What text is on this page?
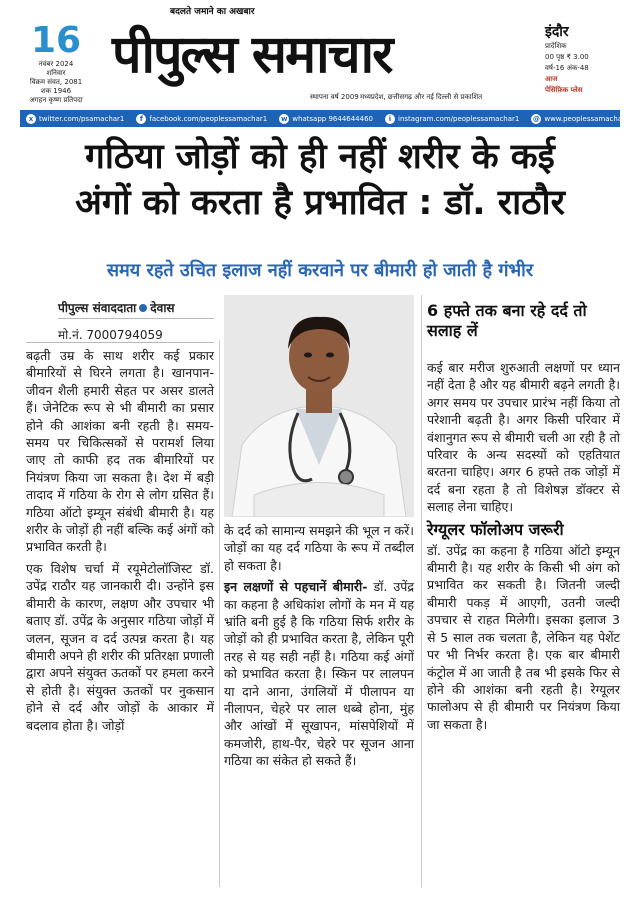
बदलते जमाने का अखबार
16
नवंबर 2024
शनिवार
विक्रम संवत, 2081 शक 1946
अगहन कृष्ण प्रतिपदा
पीपुल्स समाचार
स्थापना वर्ष 2009 मध्यप्रदेश, छत्तीसगढ़ और नई दिल्ली से प्रकाशित
इंदौर
प्रादेशिक
00 पृष्ठ ₹ 3.00
वर्ष-16 अंक-48
आज
पेसिफ़िक प्लेस
x twitter.com/psamachar1	f facebook.com/peoplessamachar1 w whatsapp 9644644460	i instagram.com/peoplessamachar1 @ www.peoplessamachar.in
गठिया जोड़ों को ही नहीं शरीर के कई
अंगों को करता है प्रभावित : डॉ. राठौर
समय रहते उचित इलाज नहीं करवाने पर बीमारी हो जाती है गंभीर
पीपुल्स संवाददाता देवास
मो.नं. 7000794059

बढ़ती उम्र के साथ शरीर कई प्रकार बीमारियों से घिरने लगता है। खानपान-जीवन शैली हमारी सेहत पर असर डालते हैं। जेनेटिक रूप से भी बीमारी का प्रसार होने की आशंका बनी रहती है। समय-समय पर चिकित्सकों से परामर्श लिया जाए तो काफी हद तक बीमारियों पर नियंत्रण किया जा सकता है। देश में बड़ी तादाद में गठिया के रोग से लोग ग्रसित हैं। गठिया ऑटो इम्यून संबंधी बीमारी है। यह शरीर के जोड़ों ही नहीं बल्कि कई अंगों को प्रभावित करती है।

एक विशेष चर्चा में रयूमेटोलॉजिस्ट डॉ. उपेंद्र राठौर यह जानकारी दी। उन्होंने इस बीमारी के कारण, लक्षण और उपचार भी बताए डॉ. उपेंद्र के अनुसार गठिया जोड़ों में जलन, सूजन व दर्द उत्पन्न करता है। यह बीमारी अपने ही शरीर की प्रतिरक्षा प्रणाली द्वारा अपने संयुक्त ऊतकों पर हमला करने से होती है। संयुक्त ऊतकों पर नुकसान होने से दर्द और जोड़ों के आकार में बदलाव होता है। जोड़ों

के दर्द को सामान्य समझने की भूल न करें। जोड़ों का यह दर्द गठिया के रूप में तब्दील हो सकता है।

इन लक्षणों से पहचानें बीमारी- डॉ. उपेंद्र का कहना है अधिकांश लोगों के मन में यह भ्रांति बनी हुई है कि गठिया सिर्फ शरीर के जोड़ों को ही प्रभावित करता है, लेकिन पूरी तरह से यह सही नहीं है। गठिया कई अंगों को प्रभावित करता है। स्किन पर लालपन या दाने आना, उंगलियों में पीलापन या नीलापन, चेहरे पर लाल धब्बे होना, मुंह और आंखों में सूखापन, मांसपेशियों में कमजोरी, हाथ-पैर, चेहरे पर सूजन आना गठिया का संकेत हो सकते हैं।

6 हफ्ते तक बना रहे दर्द तो सलाह लें

कई बार मरीज शुरुआती लक्षणों पर ध्यान नहीं देता है और यह बीमारी बढ़ने लगती है। अगर समय पर उपचार प्रारंभ नहीं किया तो परेशानी बढ़ती है। अगर किसी परिवार में वंशानुगत रूप से बीमारी चली आ रही है तो परिवार के अन्य सदस्यों को एहतियात बरतना चाहिए। अगर 6 हफ्ते तक जोड़ों में दर्द बना रहता है तो विशेषज्ञ डॉक्टर से सलाह लेना चाहिए।

रेग्यूलर फॉलोअप जरूरी

डॉ. उपेंद्र का कहना है गठिया ऑटो इम्यून बीमारी है। यह शरीर के किसी भी अंग को प्रभावित कर सकती है। जितनी जल्दी बीमारी पकड़ में आएगी, उतनी जल्दी उपचार से राहत मिलेगी। इसका इलाज 3 से 5 साल तक चलता है, लेकिन यह पेशेंट पर भी निर्भर करता है। एक बार बीमारी कंट्रोल में आ जाती है तब भी इसके फिर से होने की आशंका बनी रहती है। रेग्यूलर फालोअप से ही बीमारी पर नियंत्रण किया जा सकता है।
